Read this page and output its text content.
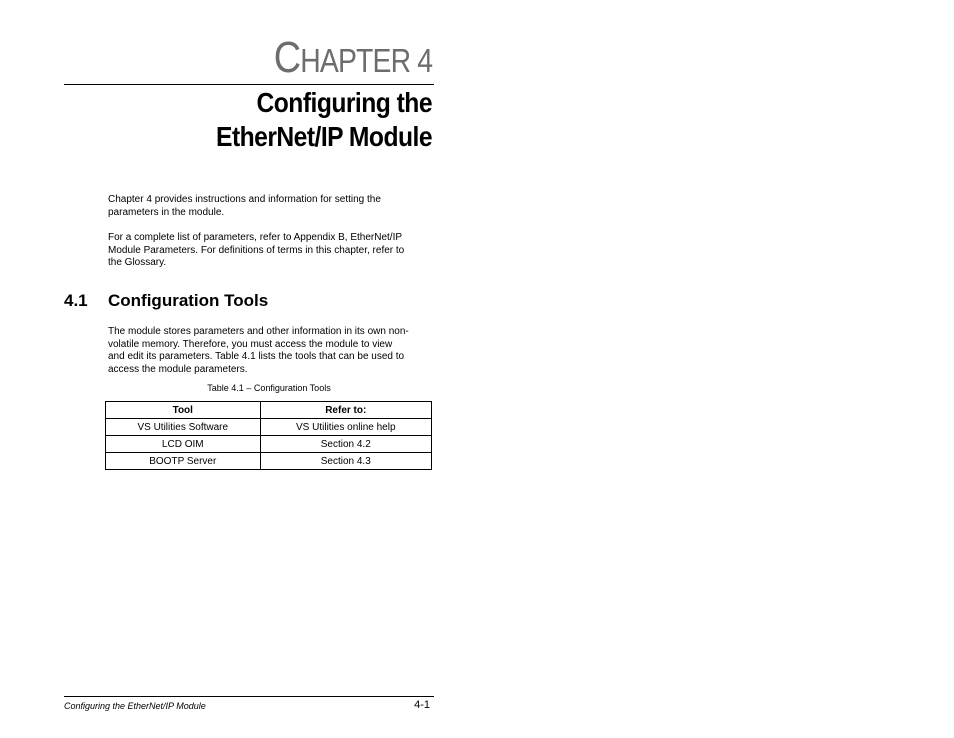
CHAPTER 4
Configuring the
EtherNet/IP Module
Chapter 4 provides instructions and information for setting the
parameters in the module.
For a complete list of parameters, refer to Appendix B, EtherNet/IP
Module Parameters. For definitions of terms in this chapter, refer to
the Glossary.
4.1 Configuration Tools
The module stores parameters and other information in its own non-
volatile memory. Therefore, you must access the module to view
and edit its parameters. Table 4.1 lists the tools that can be used to
access the module parameters.
Table 4.1 – Configuration Tools
Tool	Refer to:
VS Utilities Software	VS Utilities online help
LCD OIM	Section 4.2
BOOTP Server	Section 4.3
Configuring the EtherNet/IP Module	4-1
